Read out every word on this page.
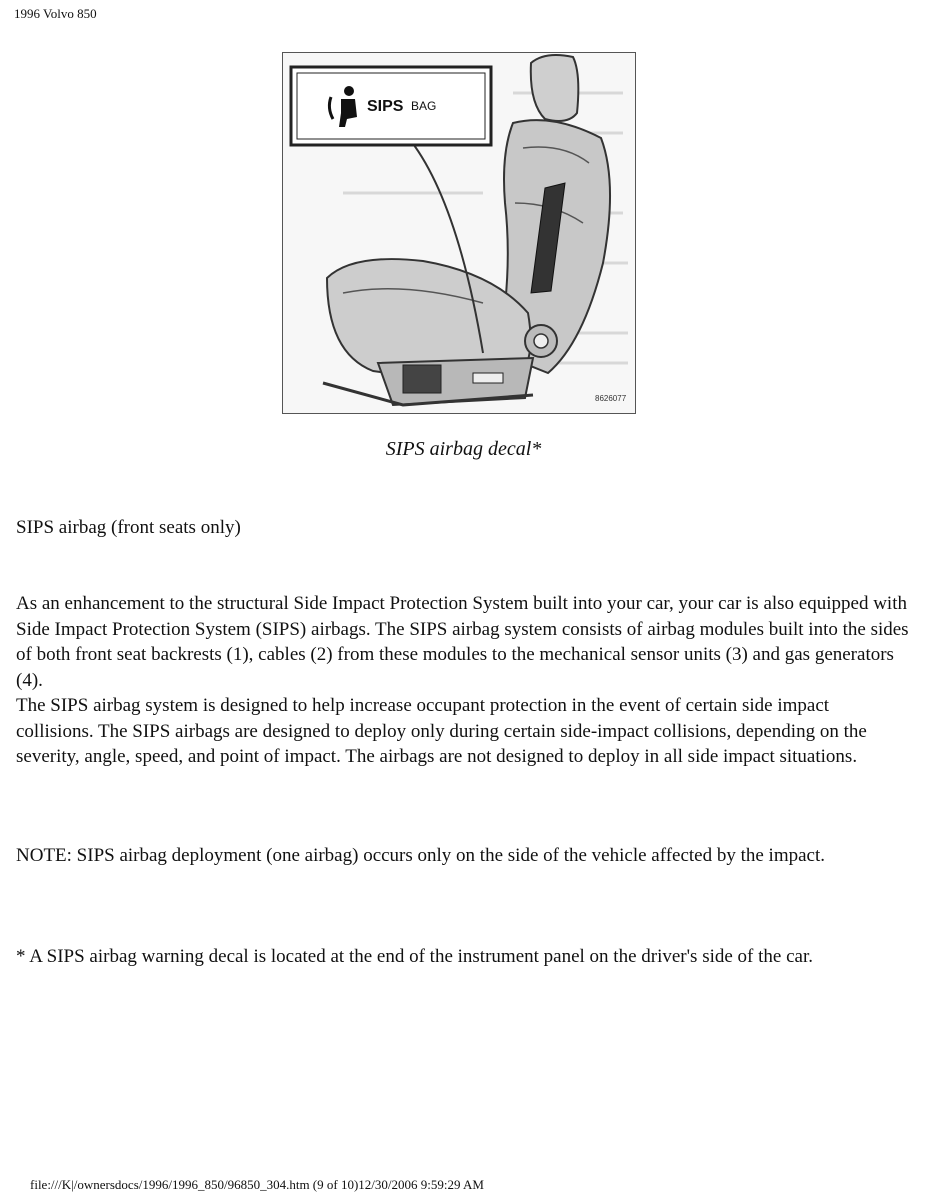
1996 Volvo 850
SIPS BAG
8626077
SIPS airbag decal*

SIPS airbag (front seats only)

As an enhancement to the structural Side Impact Protection System built into your car, your car is also equipped with Side Impact Protection System (SIPS) airbags. The SIPS airbag system consists of airbag modules built into the sides of both front seat backrests (1), cables (2) from these modules to the mechanical sensor units (3) and gas generators (4).

The SIPS airbag system is designed to help increase occupant protection in the event of certain side impact collisions. The SIPS airbags are designed to deploy only during certain side-impact collisions, depending on the severity, angle, speed, and point of impact. The airbags are not designed to deploy in all side impact situations.

NOTE: SIPS airbag deployment (one airbag) occurs only on the side of the vehicle affected by the impact.

* A SIPS airbag warning decal is located at the end of the instrument panel on the driver's side of the car.

file:///K|/ownersdocs/1996/1996_850/96850_304.htm (9 of 10)12/30/2006 9:59:29 AM
